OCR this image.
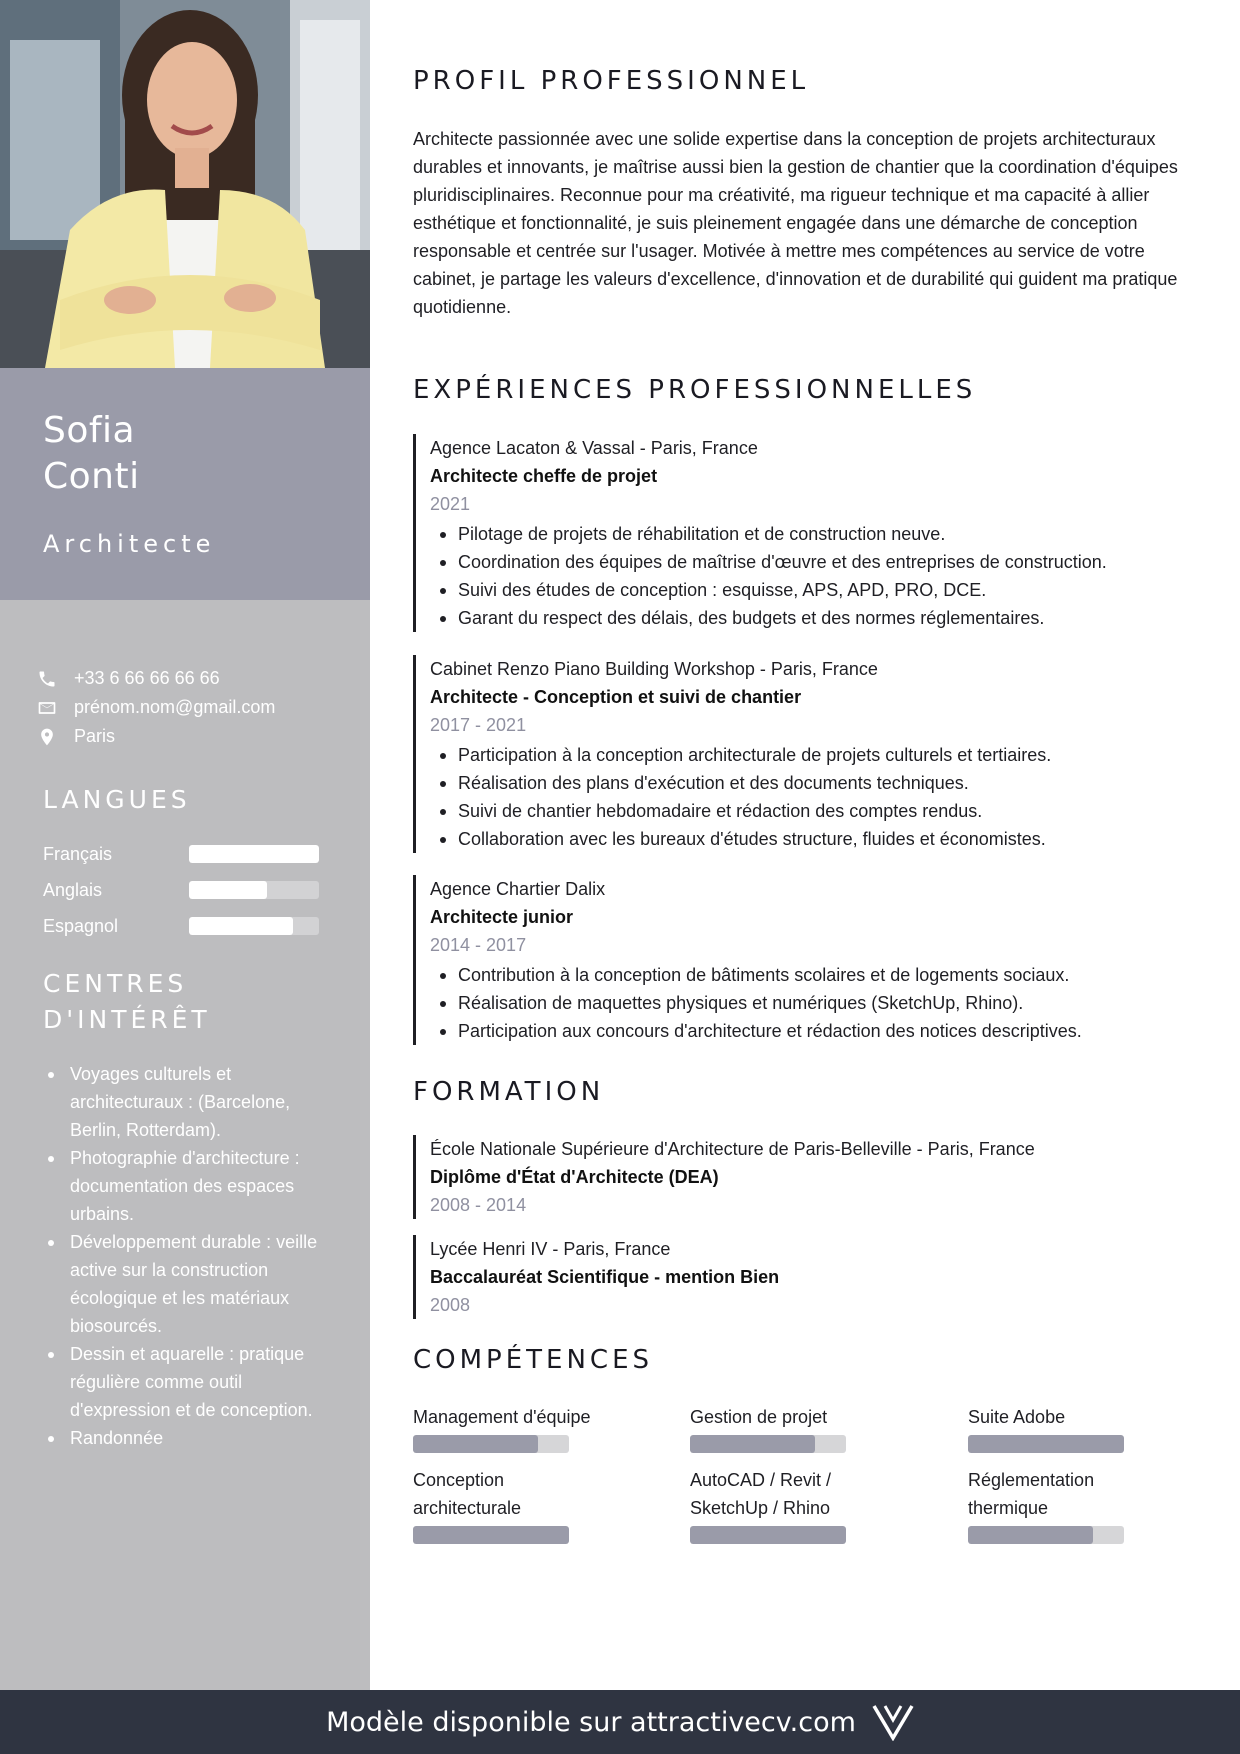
Sofia
Conti
Architecte
+33 6 66 66 66 66
prénom.nom@gmail.com
Paris
LANGUES
Français
Anglais
Espagnol
CENTRES
D'INTÉRÊT
Voyages culturels et architecturaux : (Barcelone, Berlin, Rotterdam).
Photographie d'architecture : documentation des espaces urbains.
Développement durable : veille active sur la construction écologique et les matériaux biosourcés.
Dessin et aquarelle : pratique régulière comme outil d'expression et de conception.
Randonnée
PROFIL PROFESSIONNEL

Architecte passionnée avec une solide expertise dans la conception de projets architecturaux durables et innovants, je maîtrise aussi bien la gestion de chantier que la coordination d'équipes pluridisciplinaires. Reconnue pour ma créativité, ma rigueur technique et ma capacité à allier esthétique et fonctionnalité, je suis pleinement engagée dans une démarche de conception responsable et centrée sur l'usager. Motivée à mettre mes compétences au service de votre cabinet, je partage les valeurs d'excellence, d'innovation et de durabilité qui guident ma pratique quotidienne.

EXPÉRIENCES PROFESSIONNELLES
Agence Lacaton & Vassal - Paris, France
Architecte cheffe de projet
2021
Pilotage de projets de réhabilitation et de construction neuve.
Coordination des équipes de maîtrise d'œuvre et des entreprises de construction.
Suivi des études de conception : esquisse, APS, APD, PRO, DCE.
Garant du respect des délais, des budgets et des normes réglementaires.
Cabinet Renzo Piano Building Workshop - Paris, France
Architecte - Conception et suivi de chantier
2017 - 2021
Participation à la conception architecturale de projets culturels et tertiaires.
Réalisation des plans d'exécution et des documents techniques.
Suivi de chantier hebdomadaire et rédaction des comptes rendus.
Collaboration avec les bureaux d'études structure, fluides et économistes.
Agence Chartier Dalix
Architecte junior
2014 - 2017
Contribution à la conception de bâtiments scolaires et de logements sociaux.
Réalisation de maquettes physiques et numériques (SketchUp, Rhino).
Participation aux concours d'architecture et rédaction des notices descriptives.
FORMATION
École Nationale Supérieure d'Architecture de Paris-Belleville - Paris, France
Diplôme d'État d'Architecte (DEA)
2008 - 2014
Lycée Henri IV - Paris, France
Baccalauréat Scientifique - mention Bien
2008
COMPÉTENCES
Management d'équipe	Gestion de projet	Suite Adobe
Conception architecturale
AutoCAD / Revit / SketchUp / Rhino
Réglementation thermique
Modèle disponible sur attractivecv.com
